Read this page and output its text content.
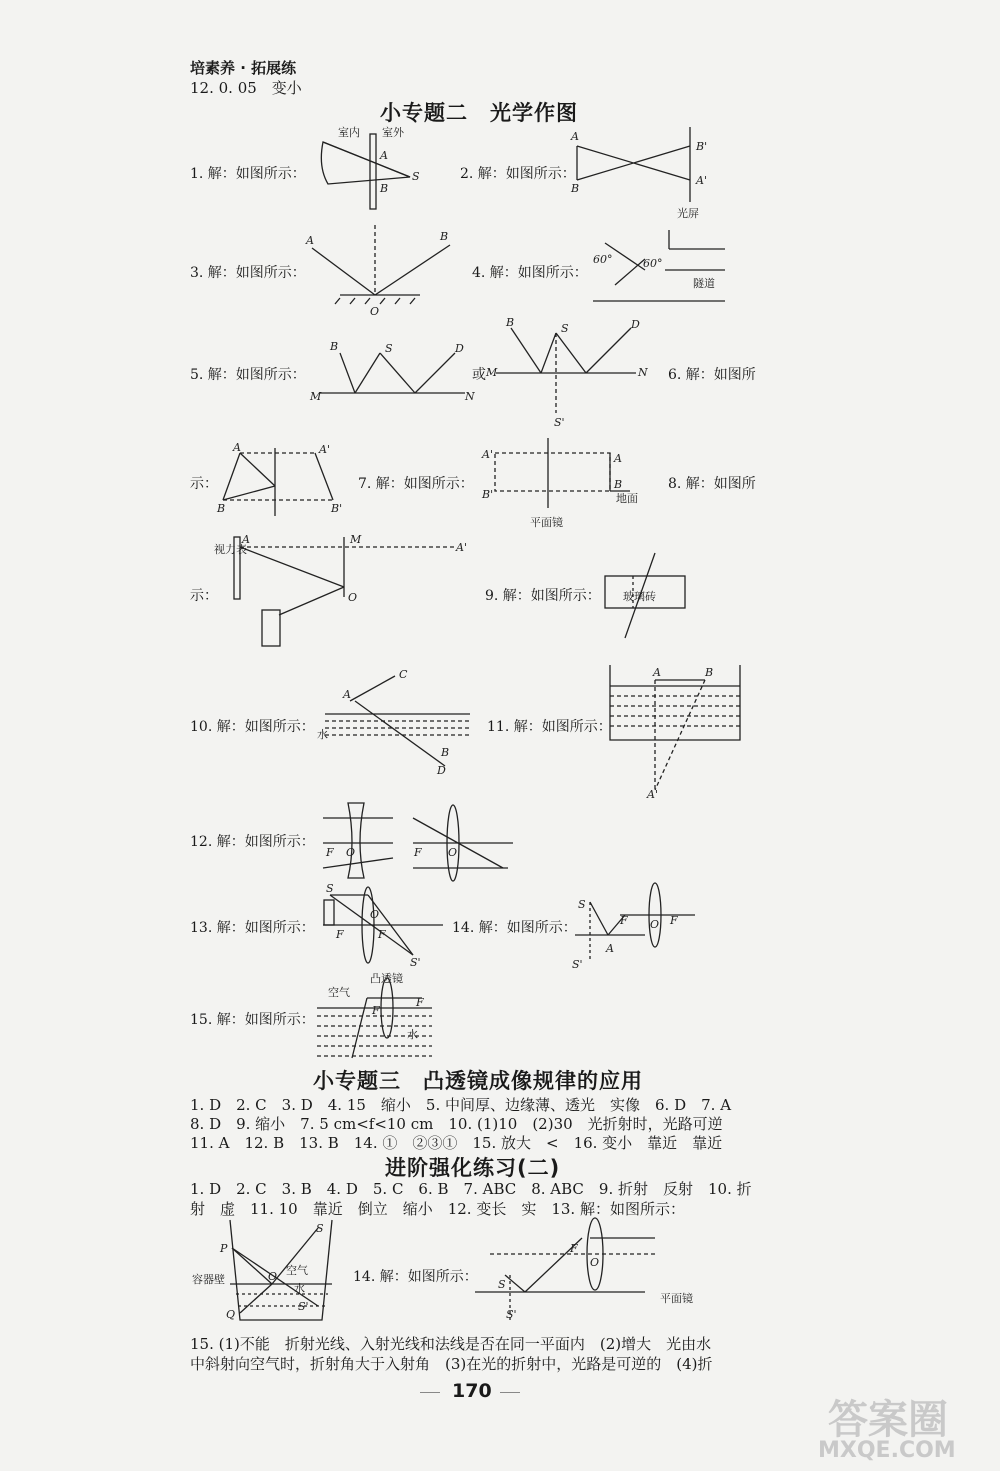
培素养 · 拓展练
12. 0. 05　变小
小专题二　光学作图
1. 解：如图所示：
室内 室外
A
B
S	2. 解：如图所示：
A
B
B'
A'
光屏
3. 解：如图所示：
A	B
O
4. 解：如图所示：
60°	60°
隧道
5. 解：如图所示：
M	N
B	S	D
或 M	N
B	S	D
S'
6. 解：如图所
示：
A	A'
B	B'
7. 解：如图所示：
A'
B'
A
B
地面
平面镜
8. 解：如图所
示：
视力表
A	M
O
A'
9. 解：如图所示： 玻璃砖
10. 解：如图所示：
A
C
B
D
水	11. 解：如图所示：
A	B
A'
12. 解：如图所示：
F O	F O
13. 解：如图所示：
S
F
O
F
S'
14. 解：如图所示：
S
F O F
S'
A
15. 解：如图所示：
空气
凸透镜
水
F
F
小专题三　凸透镜成像规律的应用
1. D　2. C　3. D　4. 15　缩小　5. 中间厚、边缘薄、透光　实像　6. D　7. A
8. D　9. 缩小　7. 5 cm<f<10 cm　10. (1)10　(2)30　光折射时，光路可逆
11. A　12. B　13. B　14. ①　②③①　15. 放大　<　16. 变小　靠近　靠近
进阶强化练习(二)
1. D　2. C　3. B　4. D　5. C　6. B　7. ABC　8. ABC　9. 折射　反射　10. 折
射　虚　11. 10　靠近　倒立　缩小　12. 变长　实　13. 解：如图所示：
P
S
Q
S'
O
容器壁
空气
水
14. 解：如图所示： S
F
O
S'
平面镜
15. (1)不能　折射光线、入射光线和法线是否在同一平面内　(2)增大　光由水
中斜射向空气时，折射角大于入射角　(3)在光的折射中，光路是可逆的　(4)折
170
答案圈
MXQE.COM
